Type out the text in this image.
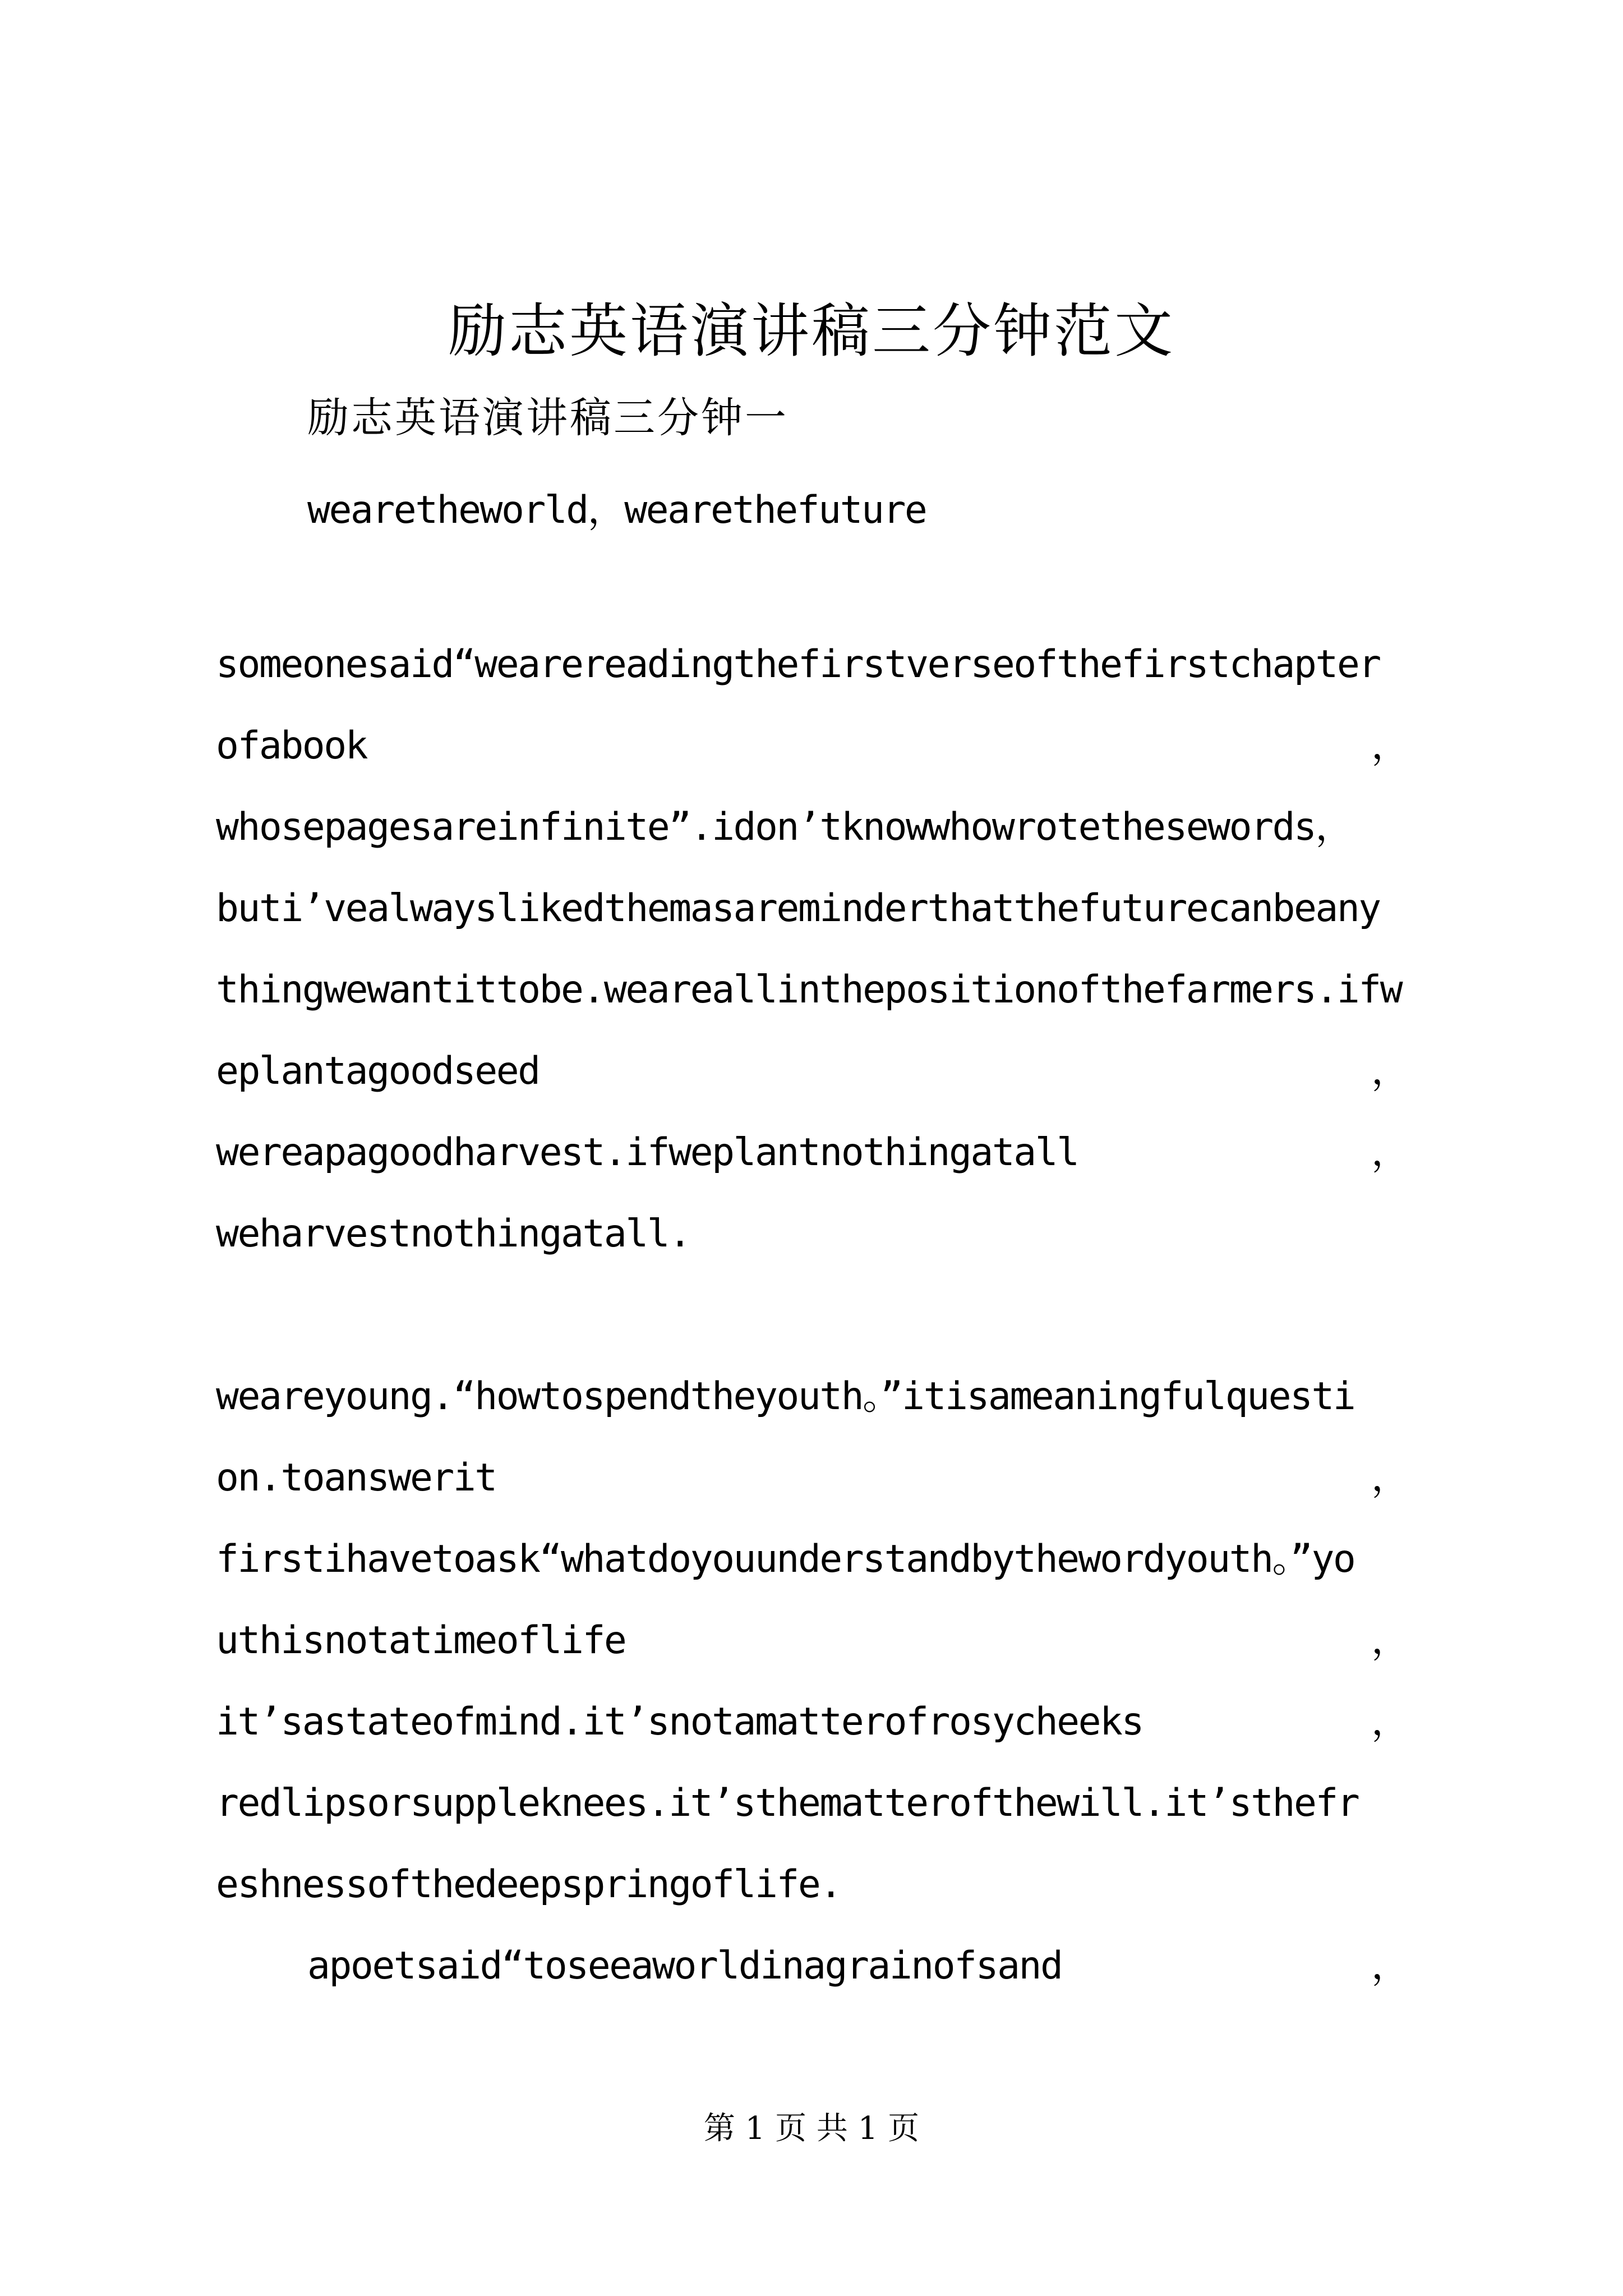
励志英语演讲稿三分钟范文
励志英语演讲稿三分钟一
wearetheworld，wearethefuture
someonesaid“wearereadingthefirstverseofthefirstchapter
ofabook	，
whosepagesareinfinite”.idon’tknowwhowrotethesewords，
buti’vealwayslikedthemasareminderthatthefuturecanbeany
thingwewantittobe.weareallinthepositionofthefarmers.ifw
eplantagoodseed	，
wereapagoodharvest.ifweplantnothingatall	，
weharvestnothingatall.
weareyoung.“howtospendtheyouth。”itisameaningfulquesti
on.toanswerit	，
firstihavetoask“whatdoyouunderstandbythewordyouth。”yo
uthisnotatimeoflife	，
it’sastateofmind.it’snotamatterofrosycheeks	，
redlipsorsuppleknees.it’sthematterofthewill.it’sthefr
eshnessofthedeepspringoflife.
apoetsaid“toseeaworldinagrainofsand	，
第 1 页 共 1 页
